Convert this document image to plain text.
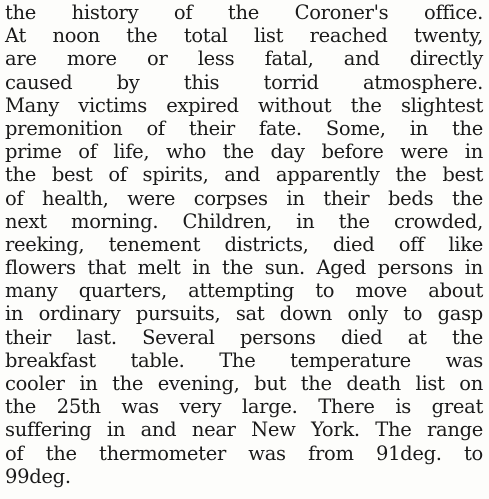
the history of the Coroner's office.
At noon the total list reached twenty,
are more or less fatal, and directly
caused by this torrid atmosphere.
Many victims expired without the slightest
premonition of their fate. Some, in the
prime of life, who the day before were in
the best of spirits, and apparently the best
of health, were corpses in their beds the
next morning. Children, in the crowded,
reeking, tenement districts, died off like
flowers that melt in the sun. Aged persons in
many quarters, attempting to move about
in ordinary pursuits, sat down only to gasp
their last. Several persons died at the
breakfast table. The temperature was
cooler in the evening, but the death list on
the 25th was very large. There is great
suffering in and near New York. The range
of the thermometer was from 91deg. to
99deg.
